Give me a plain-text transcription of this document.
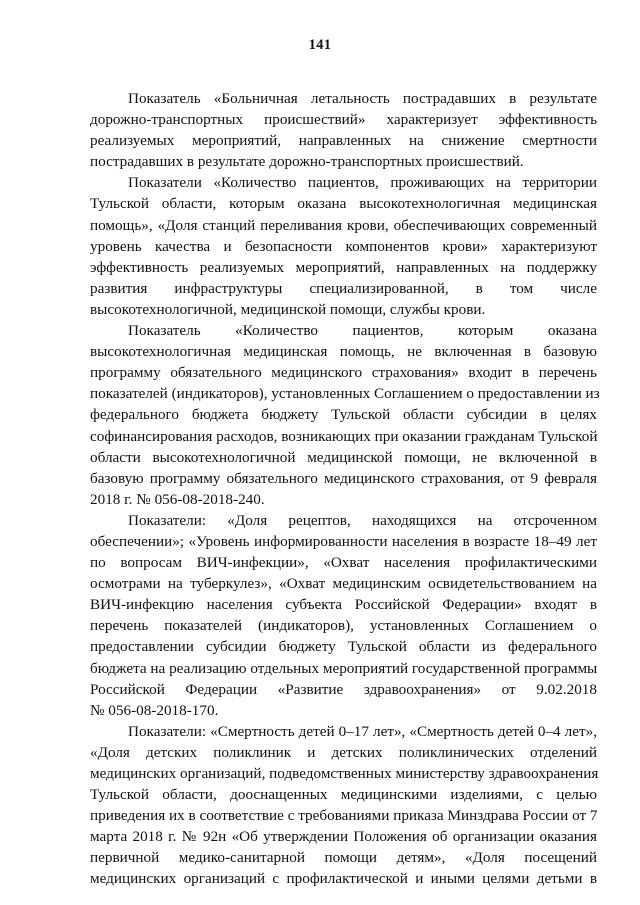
141
Показатель «Больничная летальность пострадавших в результате
дорожно-транспортных происшествий» характеризует эффективность
реализуемых мероприятий, направленных на снижение смертности
пострадавших в результате дорожно-транспортных происшествий.
Показатели «Количество пациентов, проживающих на территории
Тульской области, которым оказана высокотехнологичная медицинская
помощь», «Доля станций переливания крови, обеспечивающих современный
уровень качества и безопасности компонентов крови» характеризуют
эффективность реализуемых мероприятий, направленных на поддержку
развития инфраструктуры специализированной, в том числе
высокотехнологичной, медицинской помощи, службы крови.
Показатель «Количество пациентов, которым оказана
высокотехнологичная медицинская помощь, не включенная в базовую
программу обязательного медицинского страхования» входит в перечень
показателей (индикаторов), установленных Соглашением о предоставлении из
федерального бюджета бюджету Тульской области субсидии в целях
софинансирования расходов, возникающих при оказании гражданам Тульской
области высокотехнологичной медицинской помощи, не включенной в
базовую программу обязательного медицинского страхования, от 9 февраля
2018 г. № 056-08-2018-240.
Показатели: «Доля рецептов, находящихся на отсроченном
обеспечении»; «Уровень информированности населения в возрасте 18–49 лет
по вопросам ВИЧ-инфекции», «Охват населения профилактическими
осмотрами на туберкулез», «Охват медицинским освидетельствованием на
ВИЧ-инфекцию населения субъекта Российской Федерации» входят в
перечень показателей (индикаторов), установленных Соглашением о
предоставлении субсидии бюджету Тульской области из федерального
бюджета на реализацию отдельных мероприятий государственной программы
Российской Федерации «Развитие здравоохранения» от 9.02.2018
№ 056-08-2018-170.
Показатели: «Смертность детей 0–17 лет», «Смертность детей 0–4 лет»,
«Доля детских поликлиник и детских поликлинических отделений
медицинских организаций, подведомственных министерству здравоохранения
Тульской области, дооснащенных медицинскими изделиями, с целью
приведения их в соответствие с требованиями приказа Минздрава России от 7
марта 2018 г. № 92н «Об утверждении Положения об организации оказания
первичной медико-санитарной помощи детям», «Доля посещений
медицинских организаций с профилактической и иными целями детьми в
